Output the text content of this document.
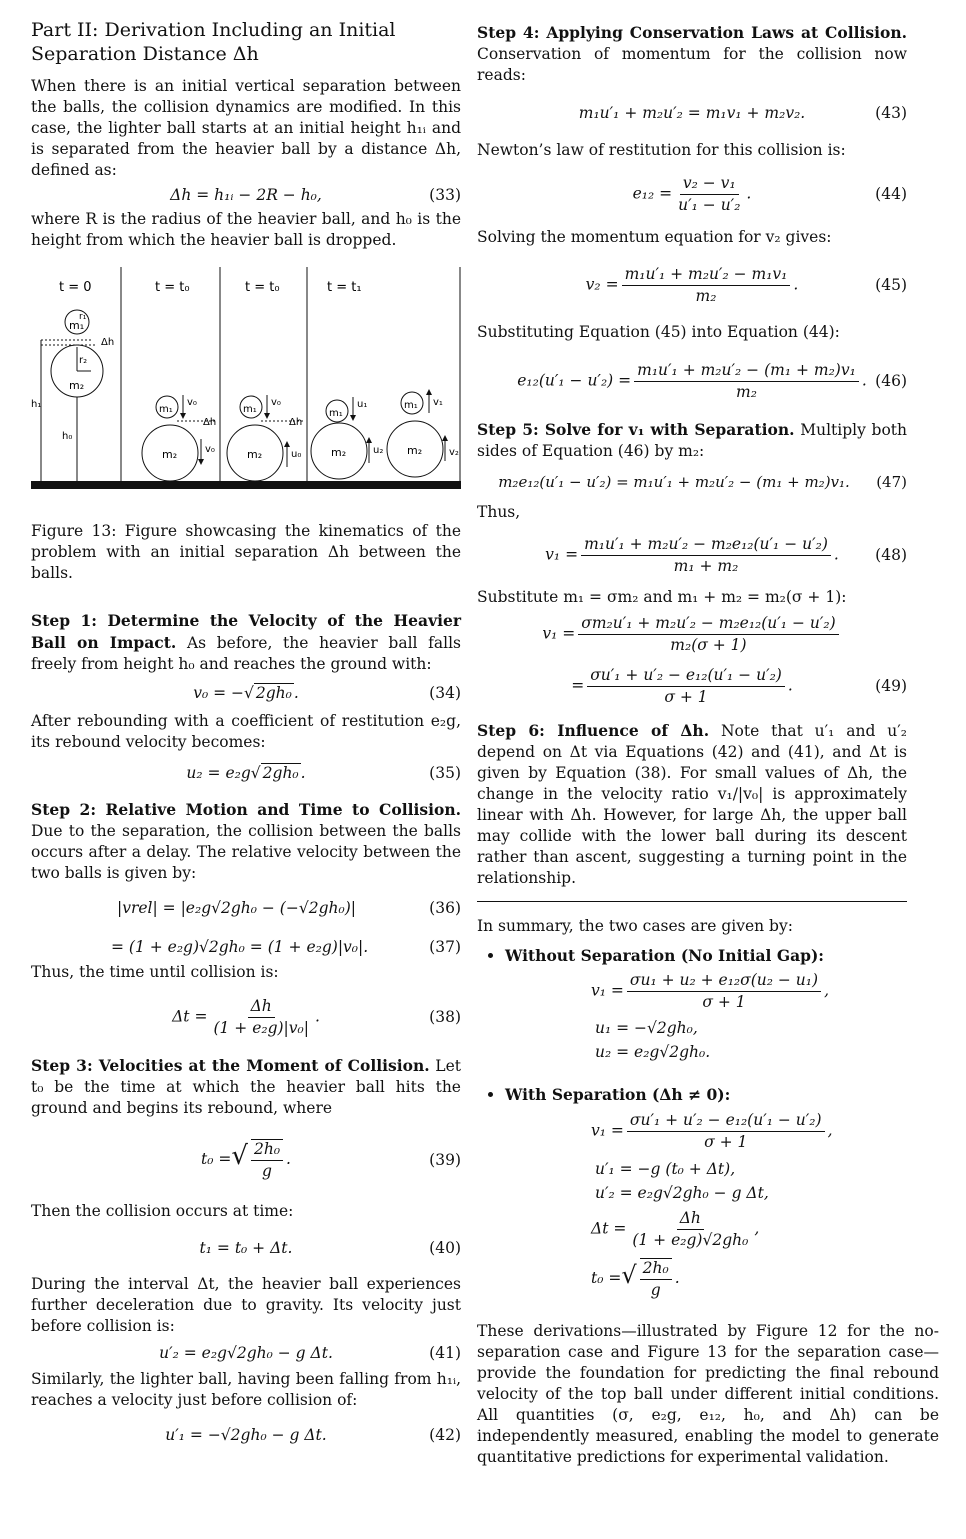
Part II: Derivation Including an Initial Separation Distance Δh

When there is an initial vertical separation between the balls, the collision dynamics are modified. In this case, the lighter ball starts at an initial height h₁ᵢ and is separated from the heavier ball by a distance Δh, defined as:

Δh = h₁ᵢ − 2R − h₀,	(33)

where R is the radius of the heavier ball, and h₀ is the height from which the heavier ball is dropped.

t = 0	t = t₀	t = t₀	t = t₁
m₁
r₁
r₂
m₂
Δh
h₁
h₀
m₁
v₀
Δh
m₂	v₀
m₁
v₀
Δh
m₂	u₀
m₁
u₁
m₂	u₂
m₁ v₁
m₂	v₂

Figure 13: Figure showcasing the kinematics of the problem with an initial separation Δh between the balls.

Step 1: Determine the Velocity of the Heavier Ball on Impact. As before, the heavier ball falls freely from height h₀ and reaches the ground with:

v₀ = −√ 2gh₀ .	(34)

After rebounding with a coefficient of restitution e₂g, its rebound velocity becomes:

u₂ = e₂g√ 2gh₀ .	(35)

Step 2: Relative Motion and Time to Collision. Due to the separation, the collision between the balls occurs after a delay. The relative velocity between the two balls is given by:

|vrel| = |e₂g√2gh₀ − (−√2gh₀)|	(36)
= (1 + e₂g)√2gh₀ = (1 + e₂g)|v₀|.	(37)

Thus, the time until collision is:

$\Delta t = \frac{\Delta h}{\text{(1 + e₂g)|v₀|}}$ .	(38)

Step 3: Velocities at the Moment of Collision. Let t₀ be the time at which the heavier ball hits the ground and begins its rebound, where

t₀ =√ $\frac{\text{2h₀}}{g}$ .	(39)

Then the collision occurs at time:

t₁ = t₀ + Δt.	(40)

During the interval Δt, the heavier ball experiences further deceleration due to gravity. Its velocity just before collision is:

u′₂ = e₂g√2gh₀ − g Δt.	(41)

Similarly, the lighter ball, having been falling from h₁ᵢ, reaches a velocity just before collision of:

u′₁ = −√2gh₀ − g Δt.	(42)

Step 4: Applying Conservation Laws at Collision. Conservation of momentum for the collision now reads:

m₁u′₁ + m₂u′₂ = m₁v₁ + m₂v₂.	(43)

Newton’s law of restitution for this collision is:

$e_{12} = \frac{\text{v₂ − v₁}}{\text{u′₁ − u′₂}}$ .	(44)

Solving the momentum equation for v₂ gives:

$v_2 = \frac{\text{m₁u′₁ + m₂u′₂ − m₁v₁}}{\text{m₂}}$ .	(45)

Substituting Equation (45) into Equation (44):

$e_{12}(u'_1 - u'_2) = \frac{\text{m₁u′₁ + m₂u′₂ − (m₁ + m₂)v₁}}{\text{m₂}}$ . (46)

Step 5: Solve for v₁ with Separation. Multiply both sides of Equation (46) by m₂:

m₂e₁₂(u′₁ − u′₂) = m₁u′₁ + m₂u′₂ − (m₁ + m₂)v₁. (47)

Thus,

$v_1 = \frac{\text{m₁u′₁ + m₂u′₂ − m₂e₁₂(u′₁ − u′₂)}}{\text{m₁ + m₂}}$ . (48)

Substitute m₁ = σm₂ and m₁ + m₂ = m₂(σ + 1):

$v_1 = \frac{\text{σm₂u′₁ + m₂u′₂ − m₂e₁₂(u′₁ − u′₂)}}{\text{m₂(σ + 1)}}$
= $\frac{\text{σu′₁ + u′₂ − e₁₂(u′₁ − u′₂)}}{\sigma + 1}$ .	(49)

Step 6: Influence of Δh. Note that u′₁ and u′₂ depend on Δt via Equations (42) and (41), and Δt is given by Equation (38). For small values of Δh, the change in the velocity ratio v₁/|v₀| is approximately linear with Δh. However, for large Δh, the upper ball may collide with the lower ball during its descent rather than ascent, suggesting a turning point in the relationship.

In summary, the two cases are given by:

• Without Separation (No Initial Gap):
$v_1 = \frac{\text{σu₁ + u₂ + e₁₂σ(u₂ − u₁)}}{\sigma + 1}$ ,
u₁ = −√2gh₀,
u₂ = e₂g√2gh₀.
• With Separation (Δh ≠ 0):
$v_1 = \frac{\text{σu′₁ + u′₂ − e₁₂(u′₁ − u′₂)}}{\sigma + 1}$ ,
u′₁ = −g (t₀ + Δt),
u′₂ = e₂g√2gh₀ − g Δt,
$\Delta t = \frac{\Delta h}{\text{(1 + e₂g)√2gh₀}}$ ,
t₀ =√ $\frac{\text{2h₀}}{g}$ .

These derivations—illustrated by Figure 12 for the no-separation case and Figure 13 for the separation case—provide the foundation for predicting the final rebound velocity of the top ball under different initial conditions. All quantities (σ, e₂g, e₁₂, h₀, and Δh) can be independently measured, enabling the model to generate quantitative predictions for experimental validation.
